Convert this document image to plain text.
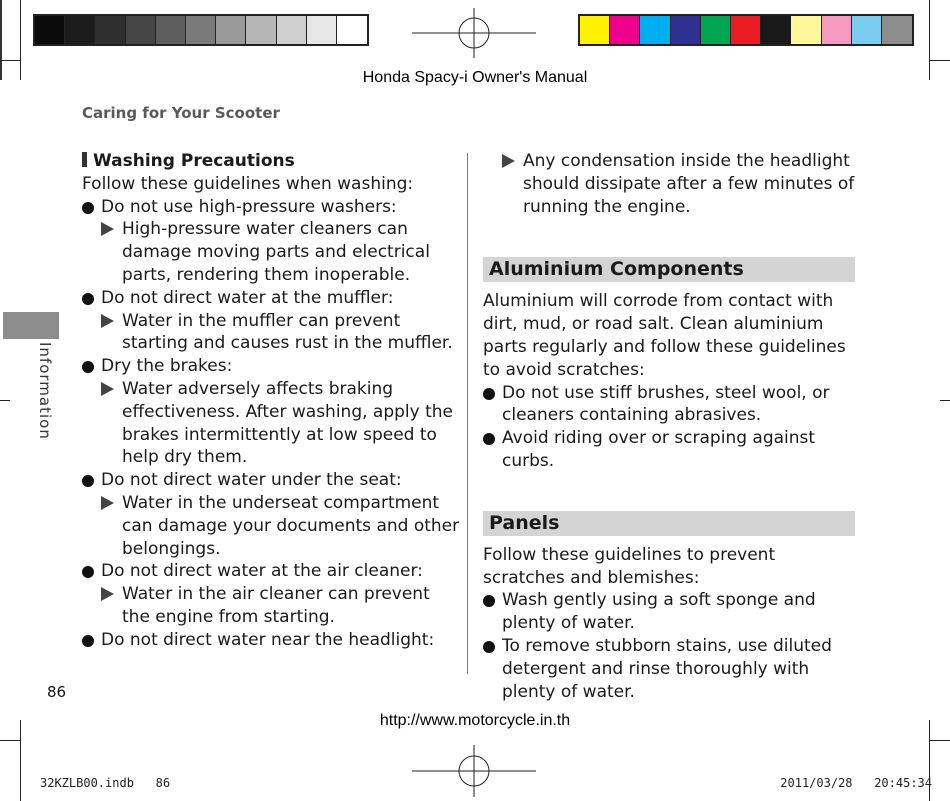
Honda Spacy-i Owner's Manual
Caring for Your Scooter
Information

Washing Precautions

Follow these guidelines when washing:

Do not use high-pressure washers:
High-pressure water cleaners can damage moving parts and electrical parts, rendering them inoperable.
Do not direct water at the muffler:
Water in the muffler can prevent starting and causes rust in the muffler.
Dry the brakes:
Water adversely affects braking effectiveness. After washing, apply the brakes intermittently at low speed to help dry them.
Do not direct water under the seat:
Water in the underseat compartment can damage your documents and other belongings.
Do not direct water at the air cleaner:
Water in the air cleaner can prevent the engine from starting.
Do not direct water near the headlight:
Any condensation inside the headlight should dissipate after a few minutes of running the engine.
Aluminium Components

Aluminium will corrode from contact with dirt, mud, or road salt. Clean aluminium parts regularly and follow these guidelines to avoid scratches:

Do not use stiff brushes, steel wool, or cleaners containing abrasives.
Avoid riding over or scraping against curbs.
Panels

Follow these guidelines to prevent scratches and blemishes:

Wash gently using a soft sponge and plenty of water.
To remove stubborn stains, use diluted detergent and rinse thoroughly with plenty of water.
86
http://www.motorcycle.in.th
32KZLB00.indb   86	2011/03/28   20:45:34
